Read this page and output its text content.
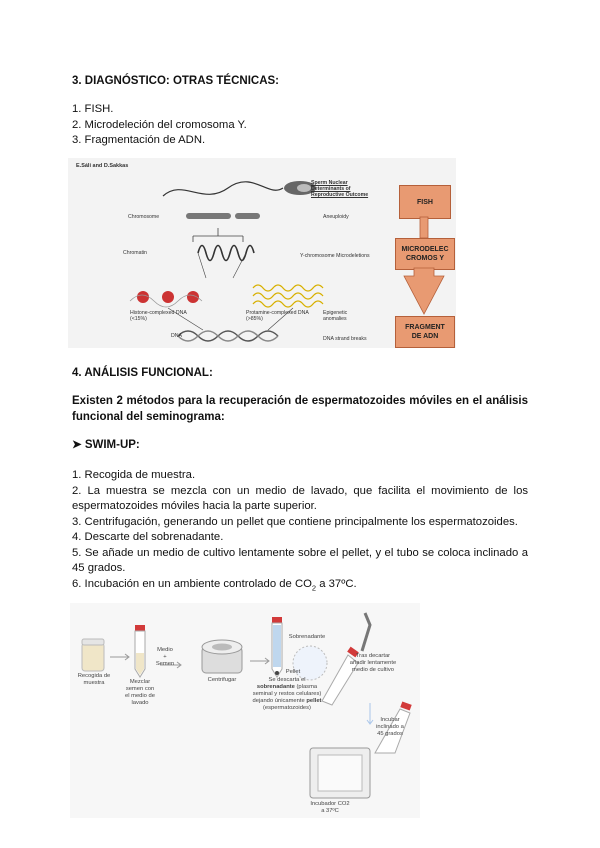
3. DIAGNÓSTICO: OTRAS TÉCNICAS:
1. FISH.
2. Microdeleción del cromosoma Y.
3. Fragmentación de ADN.
E.Sáli and D.Sakkas
Chromosome
Chromatin
Histone-complexed DNA
(<15%)
Protamine-complexed DNA
(>85%)
DNA
Sperm Nuclear
Determinants of
Reproductive Outcome
Aneuploidy
Y-chromosome Microdeletions
Epigenetic
anomalies
DNA strand breaks
FISH
MICRODELEC
CROMOS Y
FRAGMENT
DE ADN
4. ANÁLISIS FUNCIONAL:
Existen 2 métodos para la recuperación de espermatozoides móviles en el análisis funcional del seminograma:
➤ SWIM-UP:
1. Recogida de muestra.
2. La muestra se mezcla con un medio de lavado, que facilita el movimiento de los espermatozoides móviles hacia la parte superior.
3. Centrifugación, generando un pellet que contiene principalmente los espermatozoides.
4. Descarte del sobrenadante.
5. Se añade un medio de cultivo lentamente sobre el pellet, y el tubo se coloca inclinado a 45 grados.
6. Incubación en un ambiente controlado de $CO_2$ a 37ºC.
Recogida de
muestra
Medio
+
Semen
Mezclar
semen con
el medio de
lavado
Centrifugar
Sobrenadante
Pellet
Se descarta el sobrenadante (plasma seminal y restos celulares) dejando únicamente pellet (espermatozoides)
Tras decartar
añadir lentamente
medio de cultivo
Incubar
inclinado a
45 grados
Incubador CO2
a 37ºC
